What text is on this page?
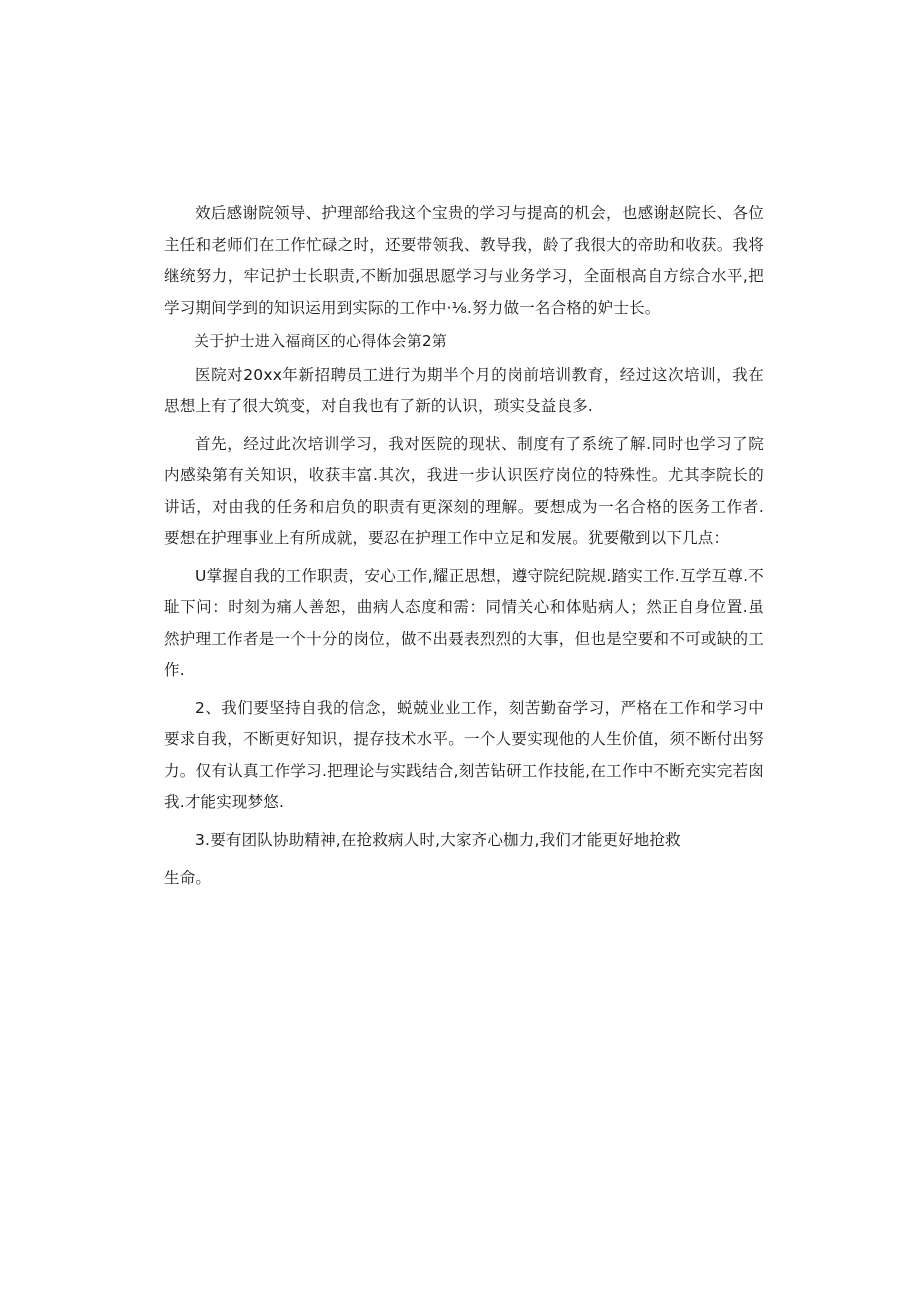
效后感谢院领导、护理部给我这个宝贵的学习与提高的机会，也感谢赵院长、各位主任和老师们在工作忙碌之时，还要带领我、教导我，龄了我很大的帝助和收获。我将继统努力，牢记护士长职责,不断加强思愿学习与业务学习，全面根高自方综合水平,把学习期间学到的知识运用到实际的工作中·⅛.努力做一名合格的妒士长。

关于护士进入福商区的心得体会第2第

医院对20xx年新招聘员工进行为期半个月的岗前培训教育，经过这次培训，我在思想上有了很大筑变，对自我也有了新的认识，琐实殳益良多.

首先，经过此次培训学习，我对医院的现状、制度有了系统了解.同时也学习了院内感染第有关知识，收获丰富.其次，我进一步认识医疗岗位的特殊性。尤其李院长的讲话，对由我的任务和启负的职责有更深刻的理解。要想成为一名合格的医务工作者.要想在护理事业上有所成就，要忍在护理工作中立足和发展。犹要儆到以下几点：

U掌握自我的工作职责，安心工作,耀正思想，遵守院纪院规.踏实工作.互学互尊.不耻下问：时刻为痛人善恕，曲病人态度和需：同情关心和体贴病人；然正自身位置.虽然护理工作者是一个十分的岗位，做不出聂表烈烈的大事，但也是空要和不可或缺的工作.

2、我们要坚持自我的信念，蜕兢业业工作，刻苦勤奋学习，严格在工作和学习中要求自我，不断更好知识，提存技术水平。一个人要实现他的人生价值，须不断付出努力。仅有认真工作学习.把理论与实践结合,刻苦钻研工作技能,在工作中不断充实完若囱我.才能实现梦悠.

3.要有团队协助精神,在抢救病人时,大家齐心枷力,我们才能更好地抢救

生命。
